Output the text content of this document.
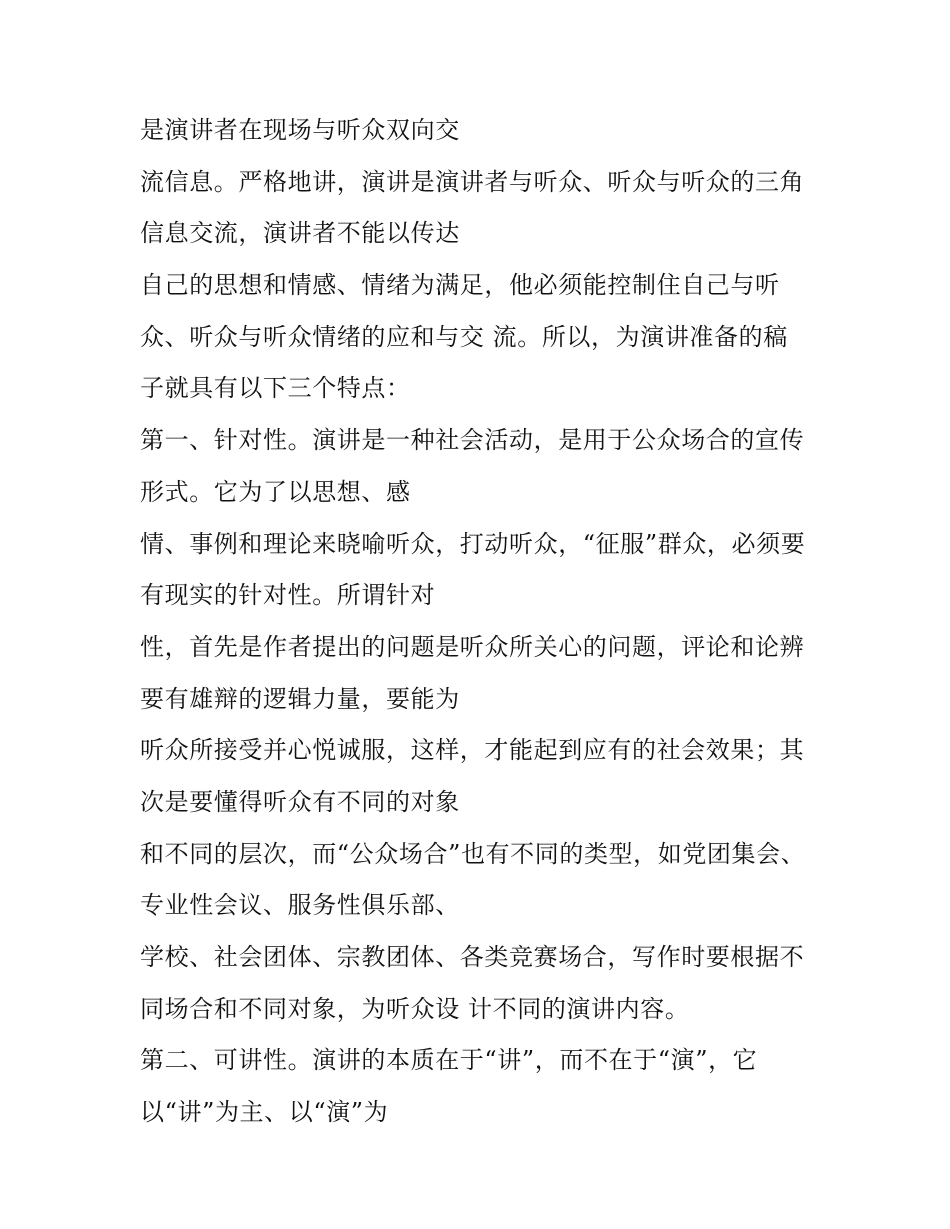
是演讲者在现场与听众双向交
流信息。严格地讲，演讲是演讲者与听众、听众与听众的三角
信息交流，演讲者不能以传达
自己的思想和情感、情绪为满足，他必须能控制住自己与听
众、听众与听众情绪的应和与交 流。所以，为演讲准备的稿
子就具有以下三个特点：
第一、针对性。演讲是一种社会活动，是用于公众场合的宣传
形式。它为了以思想、感
情、事例和理论来晓喻听众，打动听众，“征服”群众，必须要
有现实的针对性。所谓针对
性，首先是作者提出的问题是听众所关心的问题，评论和论辨
要有雄辩的逻辑力量，要能为
听众所接受并心悦诚服，这样，才能起到应有的社会效果；其
次是要懂得听众有不同的对象
和不同的层次，而“公众场合”也有不同的类型，如党团集会、
专业性会议、服务性俱乐部、
学校、社会团体、宗教团体、各类竞赛场合，写作时要根据不
同场合和不同对象，为听众设 计不同的演讲内容。
第二、可讲性。演讲的本质在于“讲”，而不在于“演”，它
以“讲”为主、以“演”为
